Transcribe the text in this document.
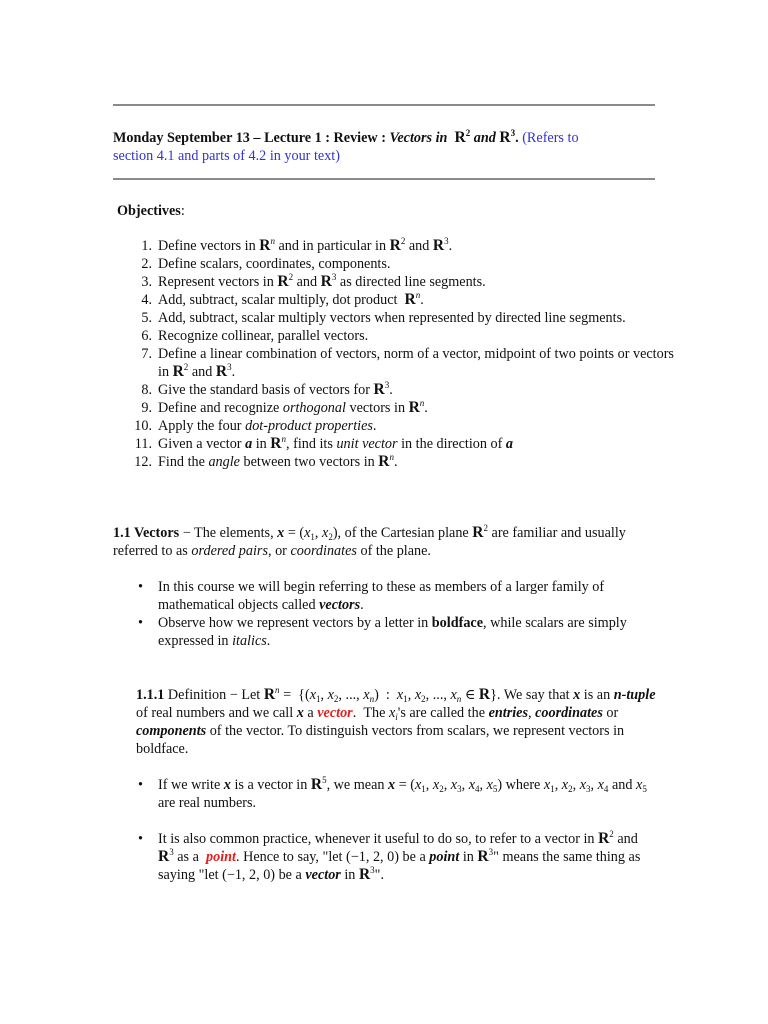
Monday September 13 – Lecture 1 : Review : Vectors in $R^2$ and $R^3$. (Refers to
section 4.1 and parts of 4.2 in your text)
Objectives:
1. Define vectors in $R^n$ and in particular in $R^2$ and $R^3$.
2. Define scalars, coordinates, components.
3. Represent vectors in $R^2$ and $R^3$ as directed line segments.
4. Add, subtract, scalar multiply, dot product  $R^n$.
5. Add, subtract, scalar multiply vectors when represented by directed line segments.
6. Recognize collinear, parallel vectors.
7. Define a linear combination of vectors, norm of a vector, midpoint of two points or vectors in $R^2$ and $R^3$.
8. Give the standard basis of vectors for $R^3$.
9. Define and recognize orthogonal vectors in $R^n$.
10. Apply the four dot-product properties.
11. Given a vector a in $R^n$, find its unit vector in the direction of a
12. Find the angle between two vectors in $R^n$.
1.1 Vectors − The elements, $x = (x_1$, $x_2$), of the Cartesian plane $R^2$ are familiar and usually referred to as ordered pairs, or coordinates of the plane.
• In this course we will begin referring to these as members of a larger family of mathematical objects called vectors.
• Observe how we represent vectors by a letter in boldface, while scalars are simply expressed in italics.
1.1.1 Definition − Let $R^n = \{(x_1$, $x_2$, ..., $x_n$)  :  $x_1$, $x_2$, ..., $x_n$ ∈ R}. We say that x is an n-tuple of real numbers and we call x a vector.  The $x_i's$ are called the entries, coordinates or components of the vector. To distinguish vectors from scalars, we represent vectors in boldface.
• If we write x is a vector in $R^5$, we mean $x = (x_1$, $x_2$, $x_3$, $x_4$, $x_5$) where $x_1$, $x_2$, $x_3$, $x_4$ and $x_5$ are real numbers.
• It is also common practice, whenever it useful to do so, to refer to a vector in $R^2$ and $R^3$ as a  point. Hence to say, "let (−1, 2, 0) be a point in $R^3$" means the same thing as saying "let (−1, 2, 0) be a vector in $R^3$".
